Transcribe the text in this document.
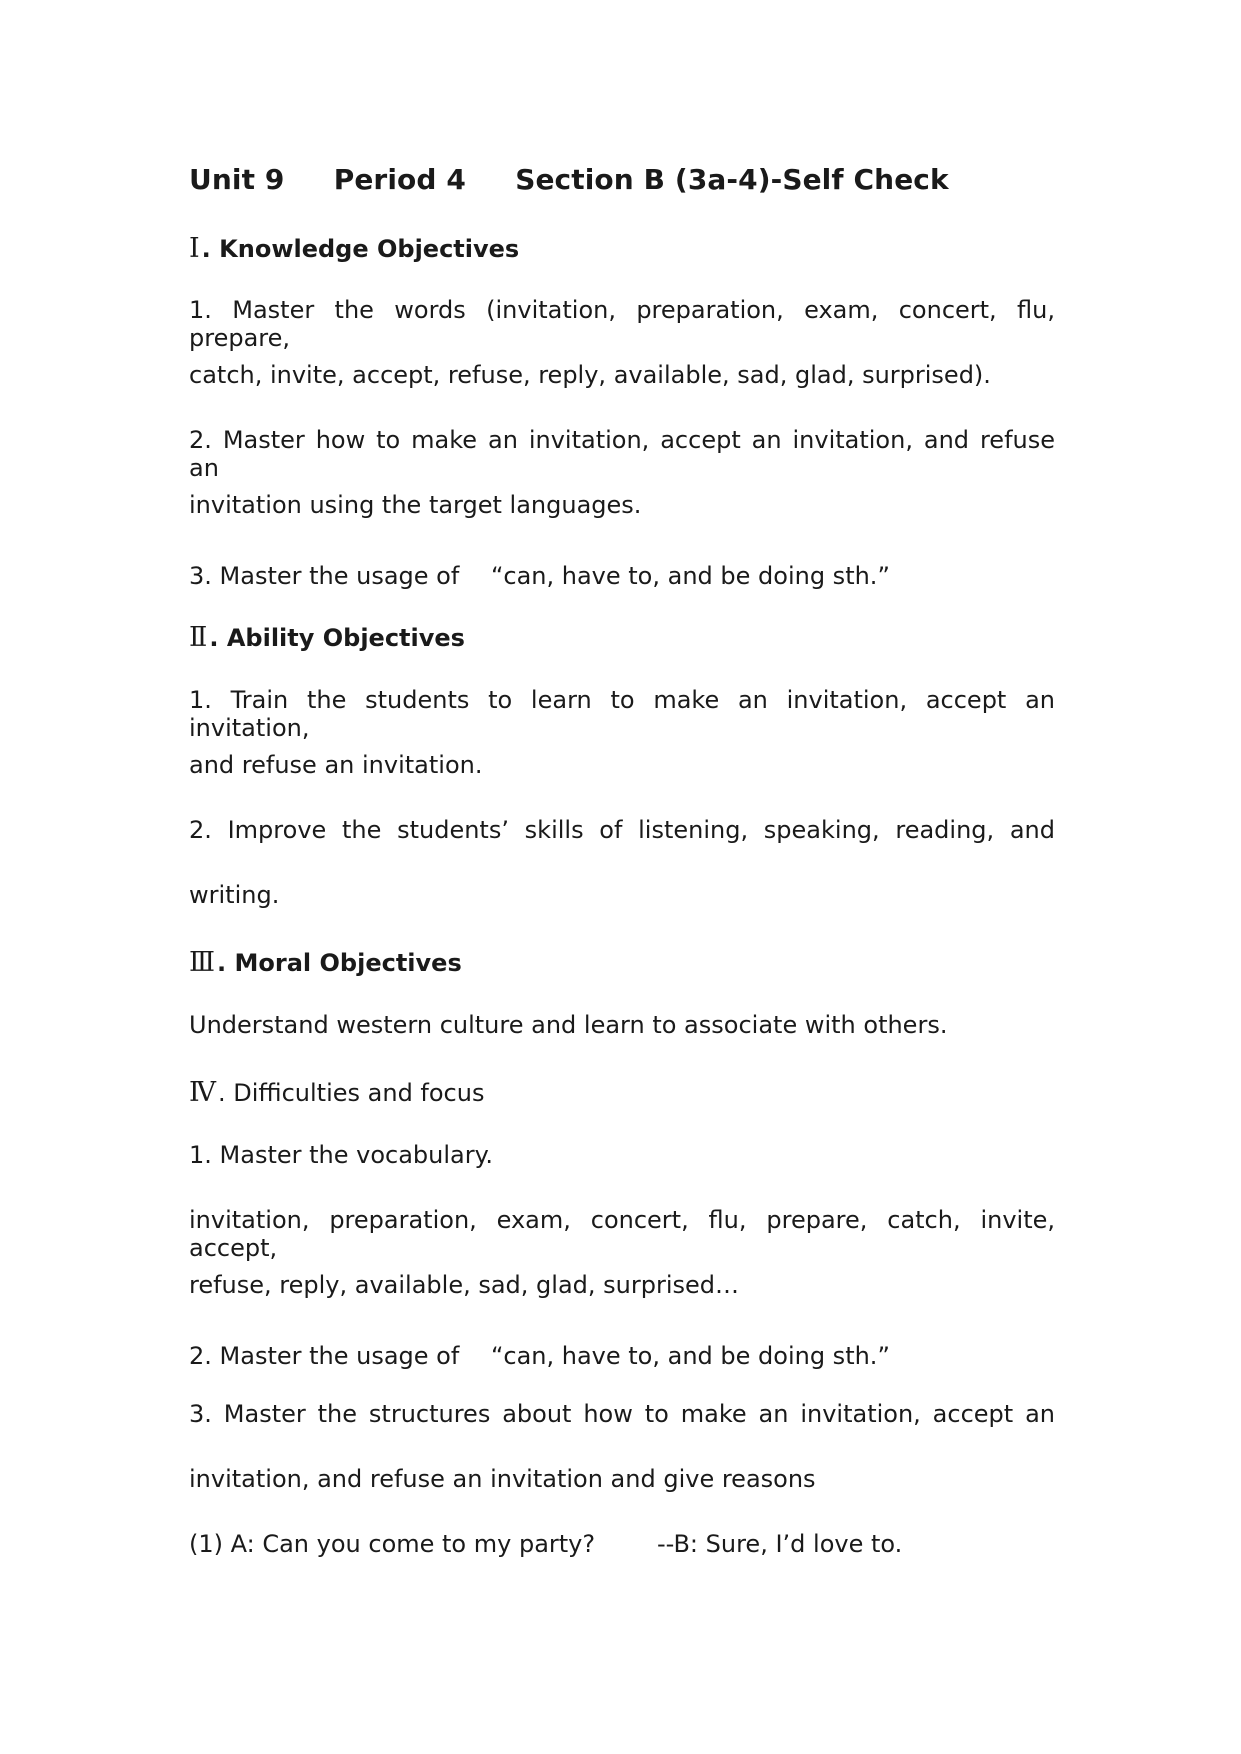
Unit 9     Period 4     Section B (3a-4)-Self Check
Ⅰ. Knowledge Objectives
1. Master the words (invitation, preparation, exam, concert, flu, prepare,
catch, invite, accept, refuse, reply, available, sad, glad, surprised).
2. Master how to make an invitation, accept an invitation, and refuse an
invitation using the target languages.
3. Master the usage of 　“can, have to, and be doing sth.”
Ⅱ. Ability Objectives
1. Train the students to learn to make an invitation, accept an invitation,
and refuse an invitation.
2. Improve the students’ skills of listening, speaking, reading, and
writing.
Ⅲ. Moral Objectives
Understand western culture and learn to associate with others.
Ⅳ. Difficulties and focus
1. Master the vocabulary.
invitation, preparation, exam, concert, flu, prepare, catch, invite, accept,
refuse, reply, available, sad, glad, surprised…
2. Master the usage of 　“can, have to, and be doing sth.”
3. Master the structures about how to make an invitation, accept an
invitation, and refuse an invitation and give reasons
(1) A: Can you come to my party?	--B: Sure, I’d love to.
